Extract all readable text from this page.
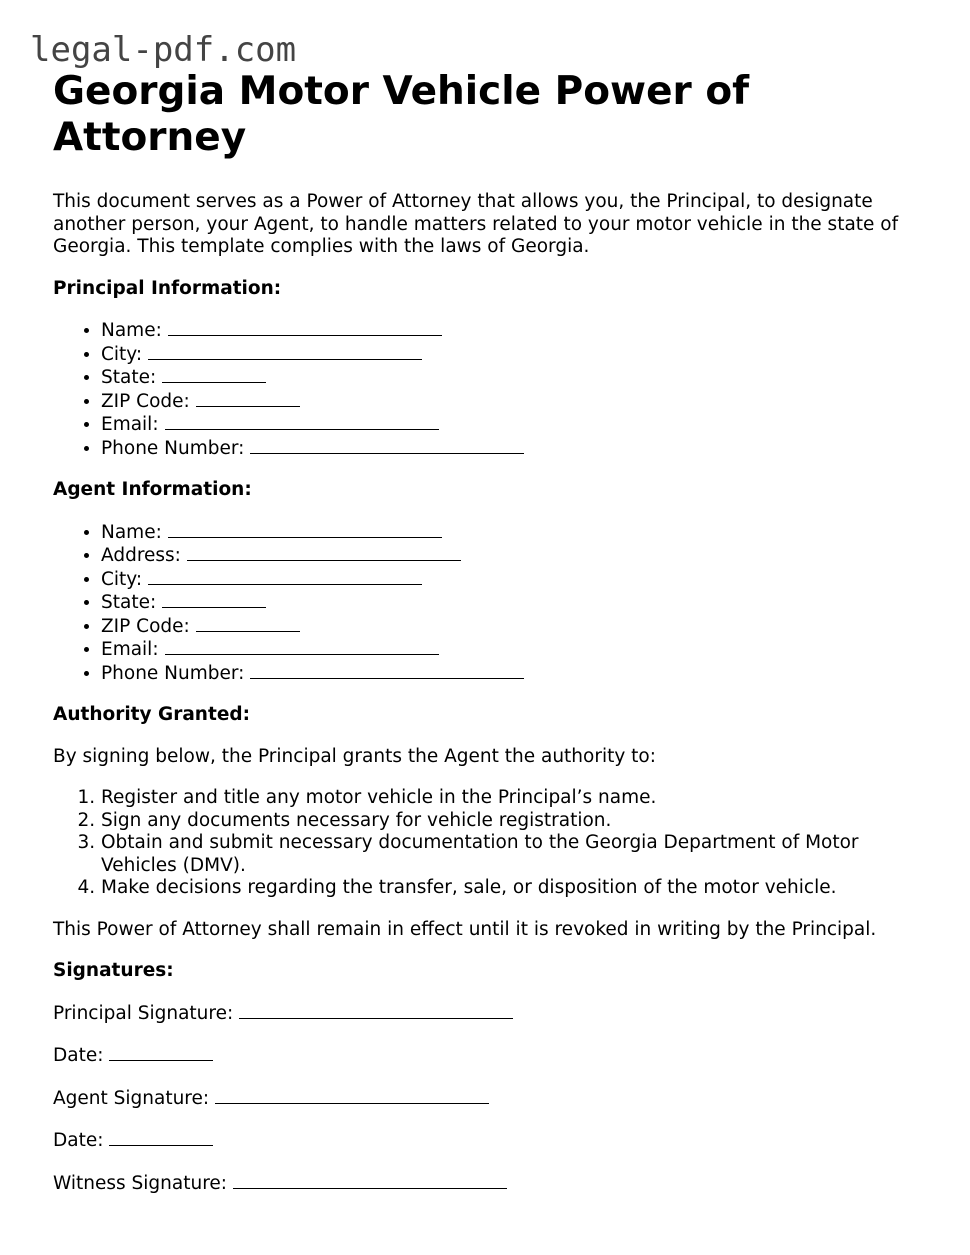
legal-pdf.com
Georgia Motor Vehicle Power of Attorney

This document serves as a Power of Attorney that allows you, the Principal, to designate another person, your Agent, to handle matters related to your motor vehicle in the state of Georgia. This template complies with the laws of Georgia.

Principal Information:

• Name:
• City:
• State:
• ZIP Code:
• Email:
• Phone Number:

Agent Information:

• Name:
• Address:
• City:
• State:
• ZIP Code:
• Email:
• Phone Number:

Authority Granted:

By signing below, the Principal grants the Agent the authority to:

1. Register and title any motor vehicle in the Principal’s name.
2. Sign any documents necessary for vehicle registration.
3. Obtain and submit necessary documentation to the Georgia Department of Motor Vehicles (DMV).
4. Make decisions regarding the transfer, sale, or disposition of the motor vehicle.

This Power of Attorney shall remain in effect until it is revoked in writing by the Principal.

Signatures:

Principal Signature:

Date:

Agent Signature:

Date:

Witness Signature:
